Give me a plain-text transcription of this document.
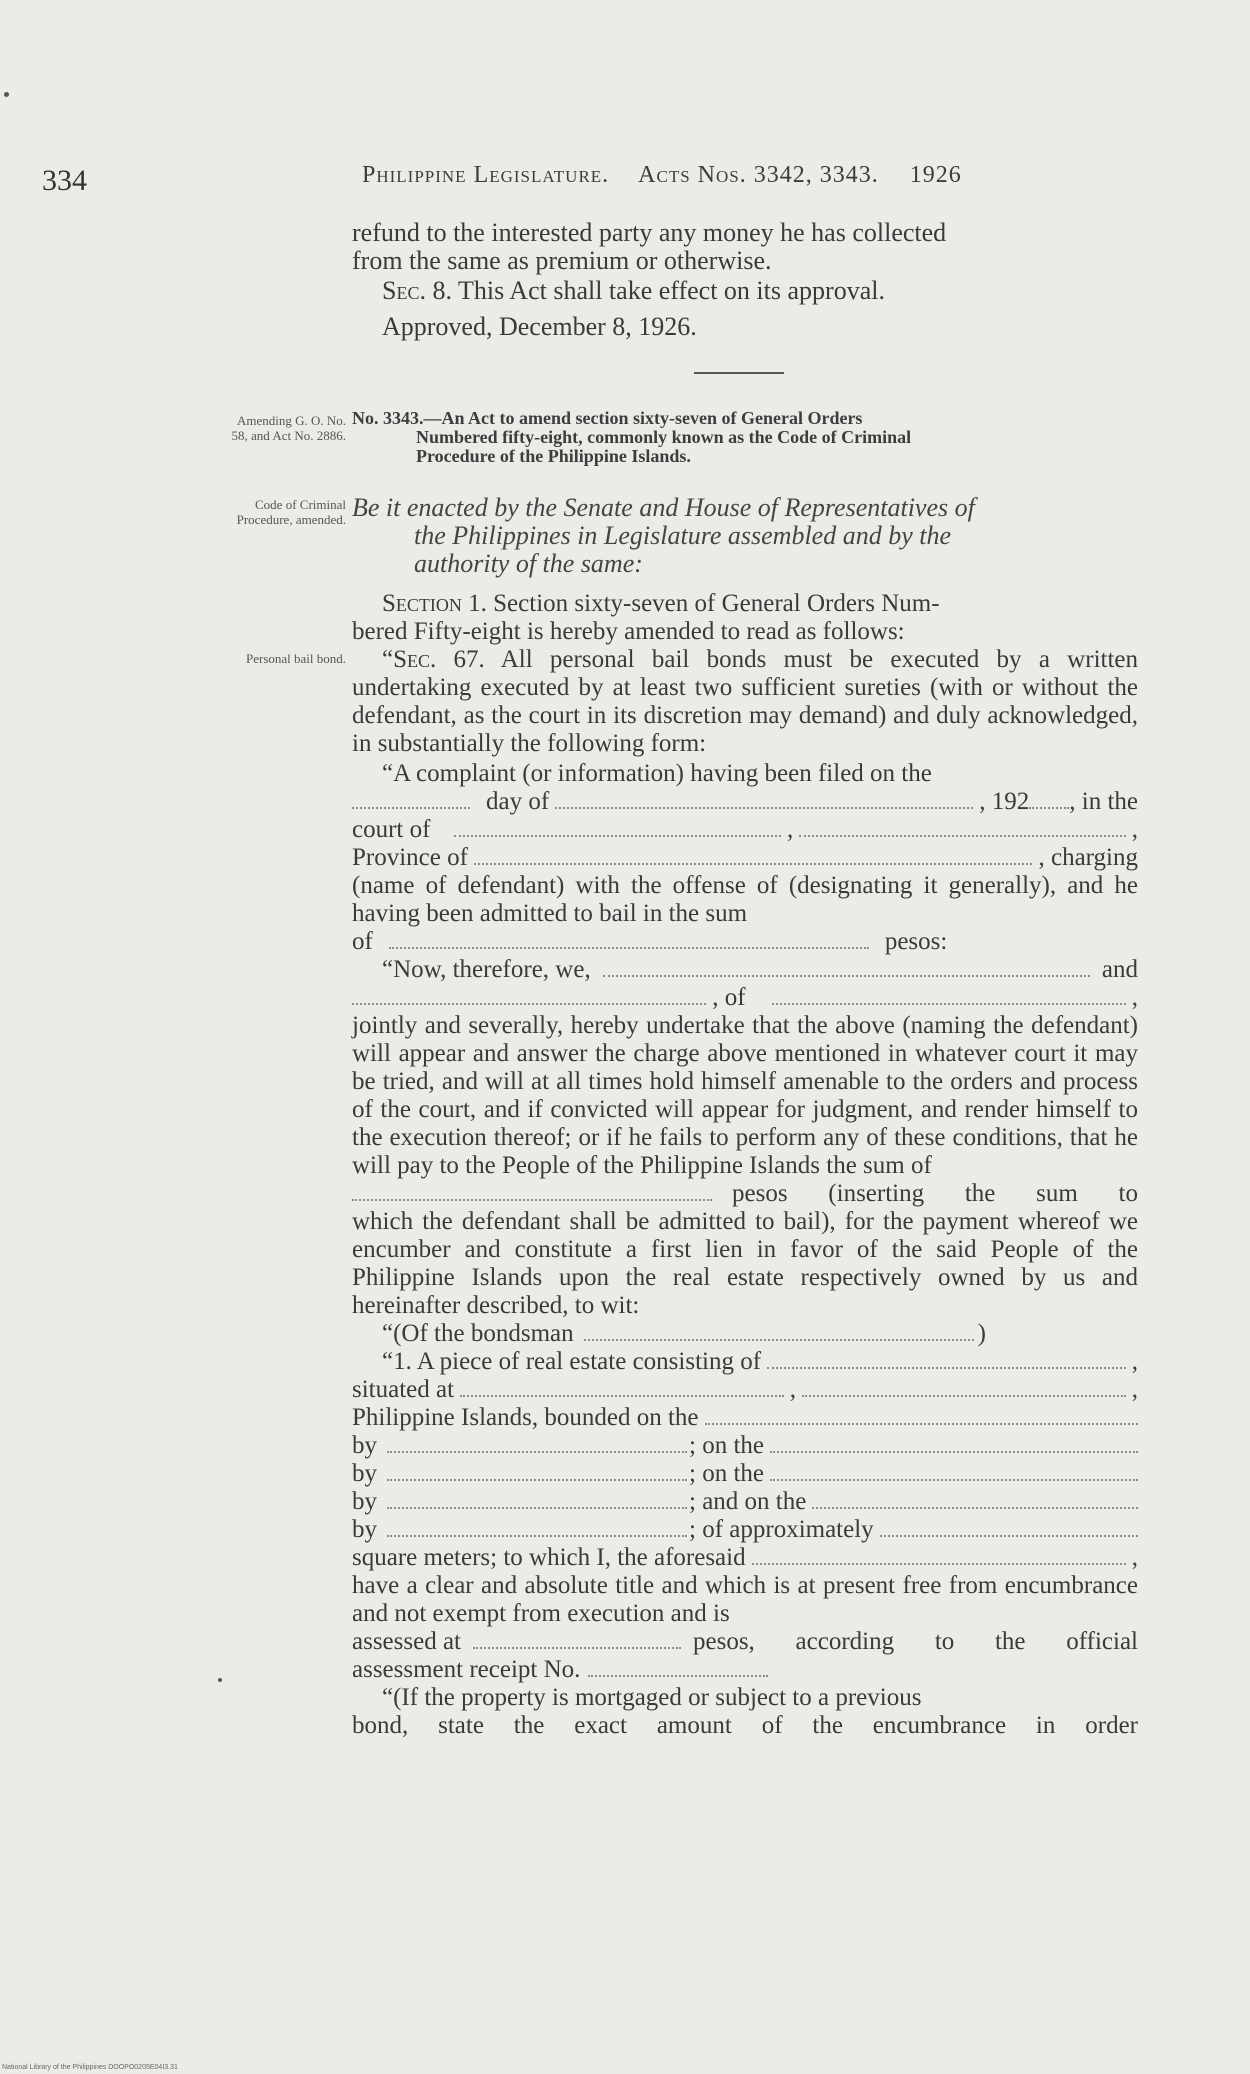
334	Philippine Legislature. Acts Nos. 3342, 3343. 1926

refund to the interested party any money he has collected

from the same as premium or otherwise.

Sec. 8. This Act shall take effect on its approval.

Approved, December 8, 1926.

Amending G. O. No.
58, and Act No. 2886.
Code of Criminal
Procedure, amended.
Personal bail bond.
No. 3343.—An Act to amend section sixty-seven of General Orders
Numbered fifty-eight, commonly known as the Code of Criminal
Procedure of the Philippine Islands.
Be it enacted by the Senate and House of Representatives of
the Philippines in Legislature assembled and by the
authority of the same:

Section 1. Section sixty-seven of General Orders Num-

bered Fifty-eight is hereby amended to read as follows:

“Sec. 67. All personal bail bonds must be executed by a written undertaking executed by at least two sufficient sureties (with or without the defendant, as the court in its discretion may demand) and duly acknowledged, in substantially the following form:

“A complaint (or information) having been filed on the

day of	, 192 , in the
court of	,	,
Province of	, charging

(name of defendant) with the offense of (designating it generally), and he having been admitted to bail in the sum

of	pesos:
“Now, therefore, we,	and
, of	,

jointly and severally, hereby undertake that the above (naming the defendant) will appear and answer the charge above mentioned in whatever court it may be tried, and will at all times hold himself amenable to the orders and process of the court, and if convicted will appear for judgment, and render himself to the execution thereof; or if he fails to perform any of these conditions, that he will pay to the People of the Philippine Islands the sum of

pesos (inserting the sum to

which the defendant shall be admitted to bail), for the payment whereof we encumber and constitute a first lien in favor of the said People of the Philippine Islands upon the real estate respectively owned by us and hereinafter described, to wit:

“(Of the bondsman	)
“1. A piece of real estate consisting of	,
situated at	,	,
Philippine Islands, bounded on the
by	; on the
by	; on the
by	; and on the
by	; of approximately
square meters; to which I, the aforesaid	,

have a clear and absolute title and which is at present free from encumbrance and not exempt from execution and is

assessed at	pesos, according to the official
assessment receipt No.

“(If the property is mortgaged or subject to a previous

bond, state the exact amount of the encumbrance in order

National Library of the Philippines DOOPO0205E04I3.31
